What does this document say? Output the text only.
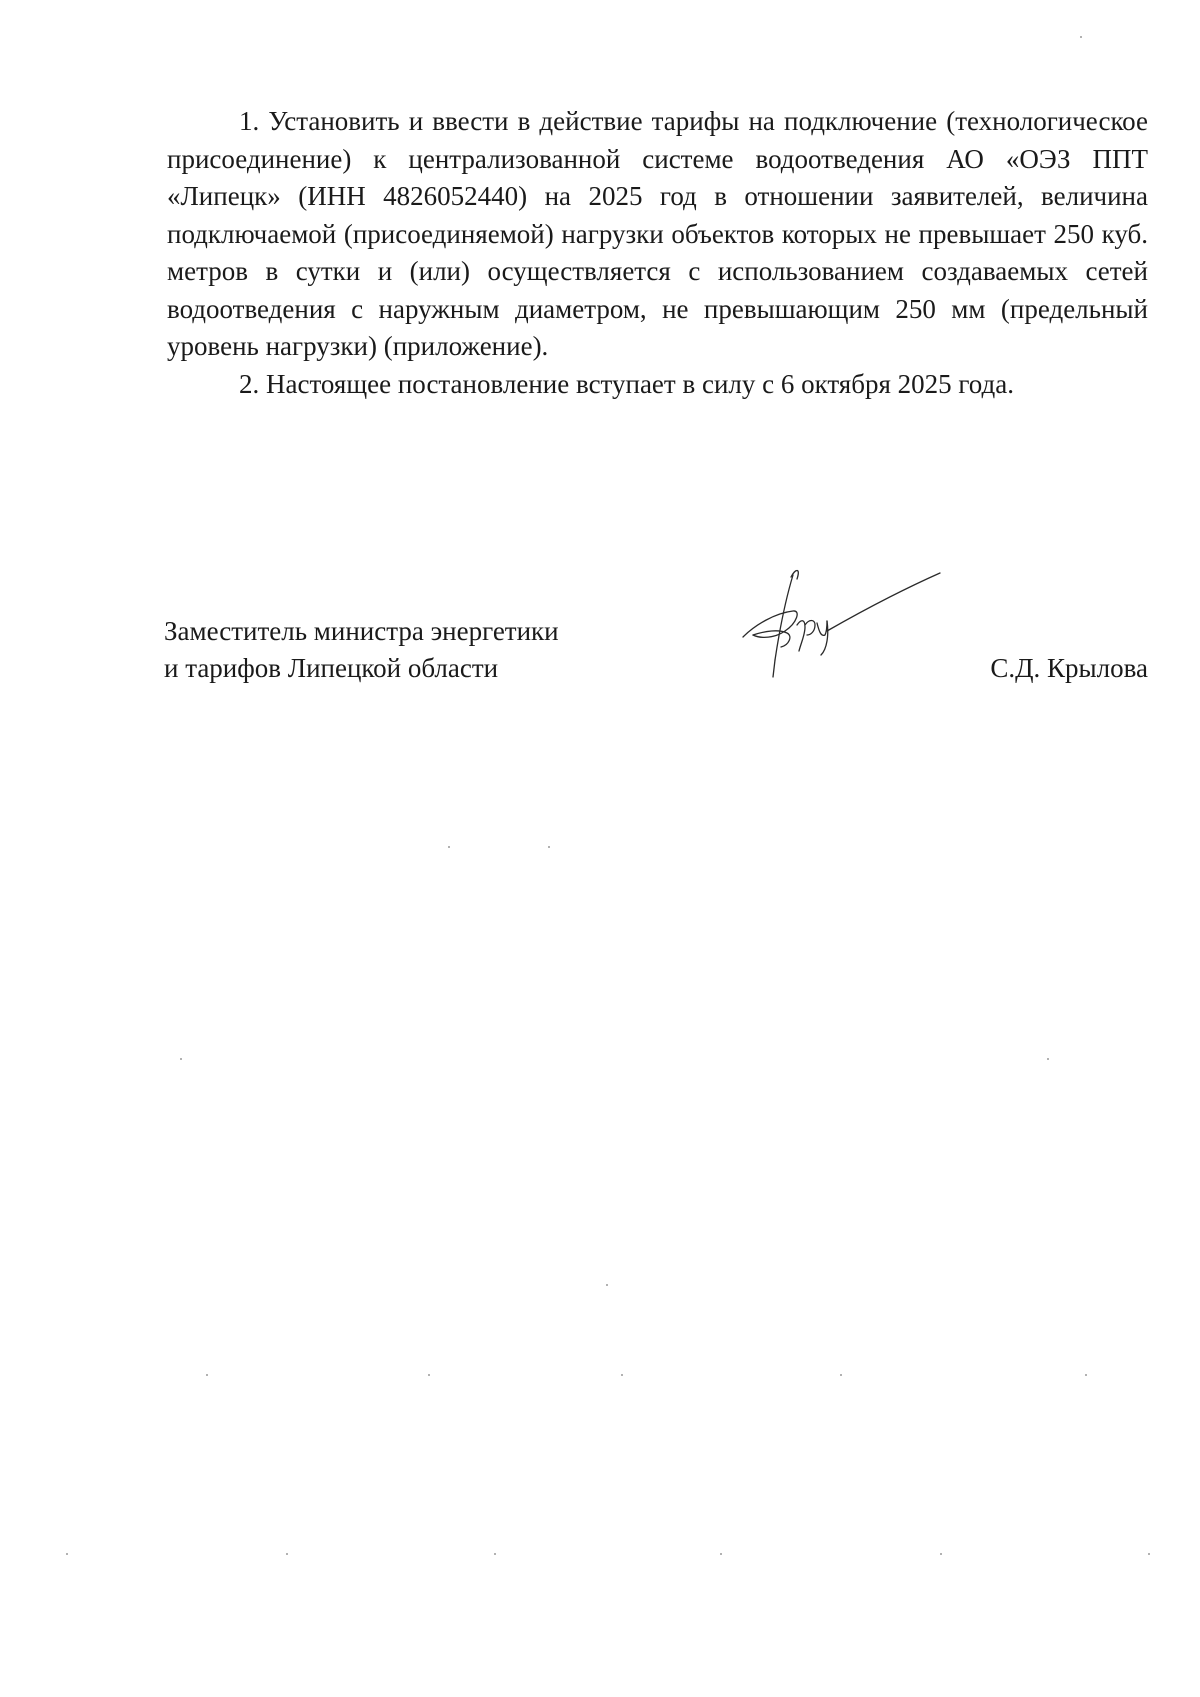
1. Установить и ввести в действие тарифы на подключение (технологическое присоединение) к централизованной системе водоотведения АО «ОЭЗ ППТ «Липецк» (ИНН 4826052440) на 2025 год в отношении заявителей, величина подключаемой (присоединяемой) нагрузки объектов которых не превышает 250 куб. метров в сутки и (или) осуществляется с использованием создаваемых сетей водоотведения с наружным диаметром, не превышающим 250 мм (предельный уровень нагрузки) (приложение).

2. Настоящее постановление вступает в силу с 6 октября 2025 года.

Заместитель министра энергетики
и тарифов Липецкой области	С.Д. Крылова
